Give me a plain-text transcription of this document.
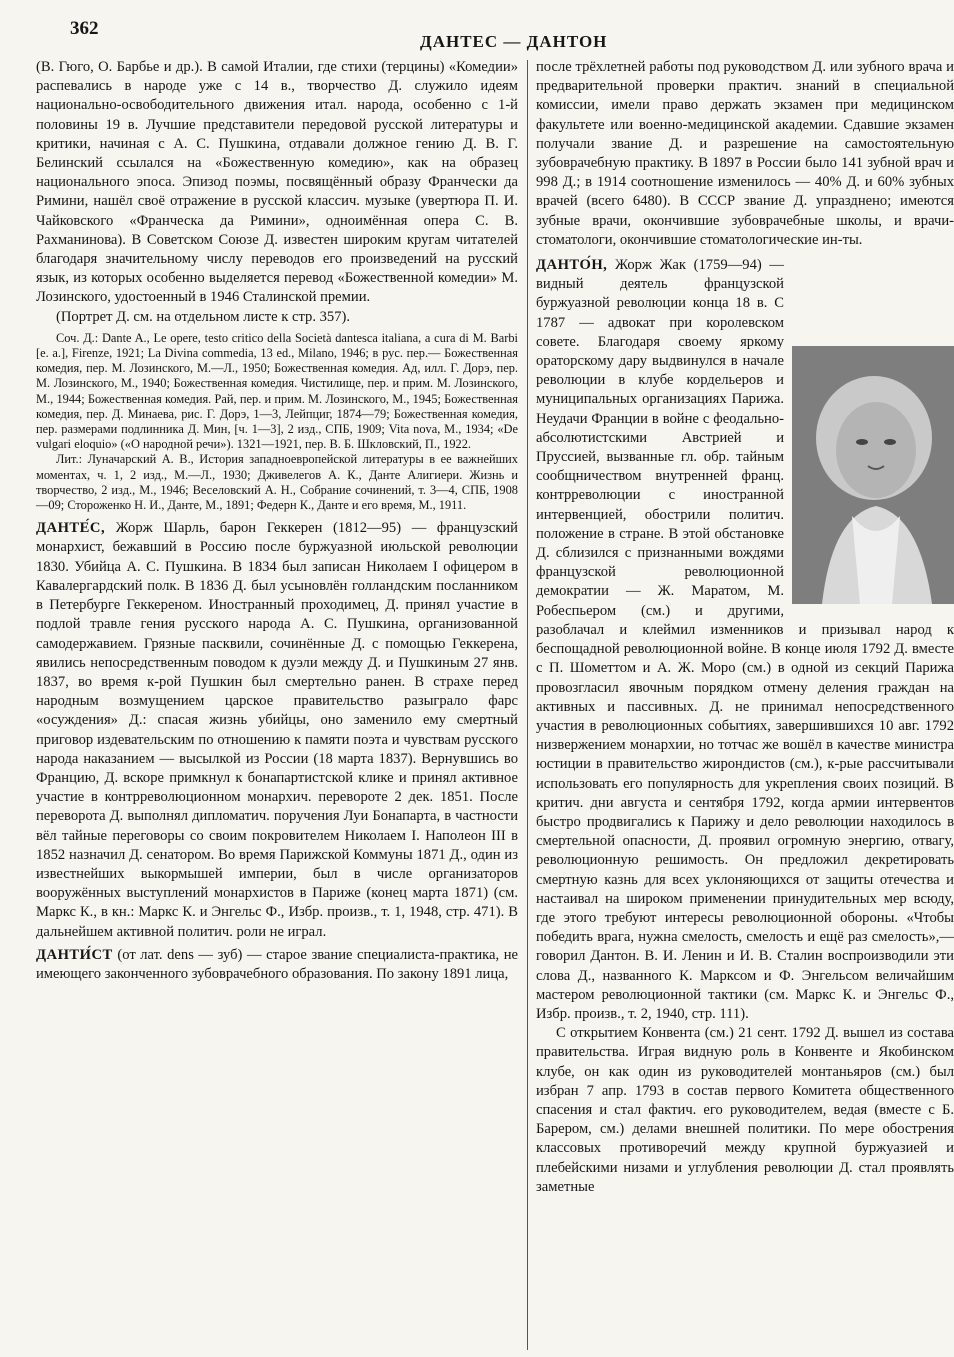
362
ДАНТЕС — ДАНТОН

(В. Гюго, О. Барбье и др.). В самой Италии, где стихи (терцины) «Комедии» распевались в народе уже с 14 в., творчество Д. служило идеям национально-освободительного движения итал. народа, особенно с 1-й половины 19 в. Лучшие представители передовой русской литературы и критики, начиная с А. С. Пушкина, отдавали должное гению Д. В. Г. Белинский ссылался на «Божественную комедию», как на образец национального эпоса. Эпизод поэмы, посвящённый образу Франчески да Римини, нашёл своё отражение в русской классич. музыке (увертюра П. И. Чайковского «Франческа да Римини», одноимённая опера С. В. Рахманинова). В Советском Союзе Д. известен широким кругам читателей благодаря значительному числу переводов его произведений на русский язык, из которых особенно выделяется перевод «Божественной комедии» М. Лозинского, удостоенный в 1946 Сталинской премии.

(Портрет Д. см. на отдельном листе к стр. 357).

Соч. Д.: Dante A., Le opere, testo critico della Società dantesca italiana, a cura di M. Barbi [e. a.], Firenze, 1921; La Divina commedia, 13 ed., Milano, 1946; в рус. пер.— Божественная комедия, пер. М. Лозинского, М.—Л., 1950; Божественная комедия. Ад, илл. Г. Дорэ, пер. М. Лозинского, М., 1940; Божественная комедия. Чистилище, пер. и прим. М. Лозинского, М., 1944; Божественная комедия. Рай, пер. и прим. М. Лозинского, М., 1945; Божественная комедия, пер. Д. Минаева, рис. Г. Дорэ, 1—3, Лейпциг, 1874—79; Божественная комедия, пер. размерами подлинника Д. Мин, [ч. 1—3], 2 изд., СПБ, 1909; Vita nova, М., 1934; «De vulgari eloquio» («О народной речи»). 1321—1921, пер. В. Б. Шкловский, П., 1922.

Лит.: Луначарский А. В., История западноевропейской литературы в ее важнейших моментах, ч. 1, 2 изд., М.—Л., 1930; Дживелегов А. К., Данте Алигиери. Жизнь и творчество, 2 изд., М., 1946; Веселовский А. Н., Собрание сочинений, т. 3—4, СПБ, 1908—09; Стороженко Н. И., Данте, М., 1891; Федерн К., Данте и его время, М., 1911.

ДАНТЕ́С, Жорж Шарль, барон Геккерен (1812—95) — французский монархист, бежавший в Россию после буржуазной июльской революции 1830. Убийца А. С. Пушкина. В 1834 был записан Николаем I офицером в Кавалергардский полк. В 1836 Д. был усыновлён голландским посланником в Петербурге Геккереном. Иностранный проходимец, Д. принял участие в подлой травле гения русского народа А. С. Пушкина, организованной самодержавием. Грязные пасквили, сочинённые Д. с помощью Геккерена, явились непосредственным поводом к дуэли между Д. и Пушкиным 27 янв. 1837, во время к-рой Пушкин был смертельно ранен. В страхе перед народным возмущением царское правительство разыграло фарс «осуждения» Д.: спасая жизнь убийцы, оно заменило ему смертный приговор издевательским по отношению к памяти поэта и чувствам русского народа наказанием — высылкой из России (18 марта 1837). Вернувшись во Францию, Д. вскоре примкнул к бонапартистской клике и принял активное участие в контрреволюционном монархич. перевороте 2 дек. 1851. После переворота Д. выполнял дипломатич. поручения Луи Бонапарта, в частности вёл тайные переговоры со своим покровителем Николаем I. Наполеон III в 1852 назначил Д. сенатором. Во время Парижской Коммуны 1871 Д., один из известнейших выкормышей империи, был в числе организаторов вооружённых выступлений монархистов в Париже (конец марта 1871) (см. Маркс К., в кн.: Маркс К. и Энгельс Ф., Избр. произв., т. 1, 1948, стр. 471). В дальнейшем активной политич. роли не играл.

ДАНТИ́СТ (от лат. dens — зуб) — старое звание специалиста-практика, не имеющего законченного зубоврачебного образования. По закону 1891 лица,

после трёхлетней работы под руководством Д. или зубного врача и предварительной проверки практич. знаний в специальной комиссии, имели право держать экзамен при медицинском факультете или военно-медицинской академии. Сдавшие экзамен получали звание Д. и разрешение на самостоятельную зубоврачебную практику. В 1897 в России было 141 зубной врач и 998 Д.; в 1914 соотношение изменилось — 40% Д. и 60% зубных врачей (всего 6480). В СССР звание Д. упразднено; имеются зубные врачи, окончившие зубоврачебные школы, и врачи-стоматологи, окончившие стоматологические ин-ты.

ДАНТО́Н, Жорж Жак (1759—94) — видный деятель французской буржуазной революции конца 18 в. С 1787 — адвокат при королевском совете. Благодаря своему яркому ораторскому дару выдвинулся в начале революции в клубе кордельеров и муниципальных организациях Парижа. Неудачи Франции в войне с феодально-абсолютистскими Австрией и Пруссией, вызванные гл. обр. тайным сообщничеством внутренней франц. контрреволюции с иностранной интервенцией, обострили политич. положение в стране. В этой обстановке Д. сблизился с признанными вождями французской революционной демократии — Ж. Маратом, М. Робеспьером (см.) и другими, разоблачал и клеймил изменников и призывал народ к беспощадной революционной войне. В конце июля 1792 Д. вместе с П. Шометтом и А. Ж. Моро (см.) в одной из секций Парижа провозгласил явочным порядком отмену деления граждан на активных и пассивных. Д. не принимал непосредственного участия в революционных событиях, завершившихся 10 авг. 1792 низвержением монархии, но тотчас же вошёл в качестве министра юстиции в правительство жирондистов (см.), к-рые рассчитывали использовать его популярность для укрепления своих позиций. В критич. дни августа и сентября 1792, когда армии интервентов быстро продвигались к Парижу и дело революции находилось в смертельной опасности, Д. проявил огромную энергию, отвагу, революционную решимость. Он предложил декретировать смертную казнь для всех уклоняющихся от защиты отечества и настаивал на широком применении принудительных мер всюду, где этого требуют интересы революционной обороны. «Чтобы победить врага, нужна смелость, смелость и ещё раз смелость»,— говорил Дантон. В. И. Ленин и И. В. Сталин воспроизводили эти слова Д., названного К. Марксом и Ф. Энгельсом величайшим мастером революционной тактики (см. Маркс К. и Энгельс Ф., Избр. произв., т. 2, 1940, стр. 111).

С открытием Конвента (см.) 21 сент. 1792 Д. вышел из состава правительства. Играя видную роль в Конвенте и Якобинском клубе, он как один из руководителей монтаньяров (см.) был избран 7 апр. 1793 в состав первого Комитета общественного спасения и стал фактич. его руководителем, ведая (вместе с Б. Барером, см.) делами внешней политики. По мере обострения классовых противоречий между крупной буржуазией и плебейскими низами и углубления революции Д. стал проявлять заметные
